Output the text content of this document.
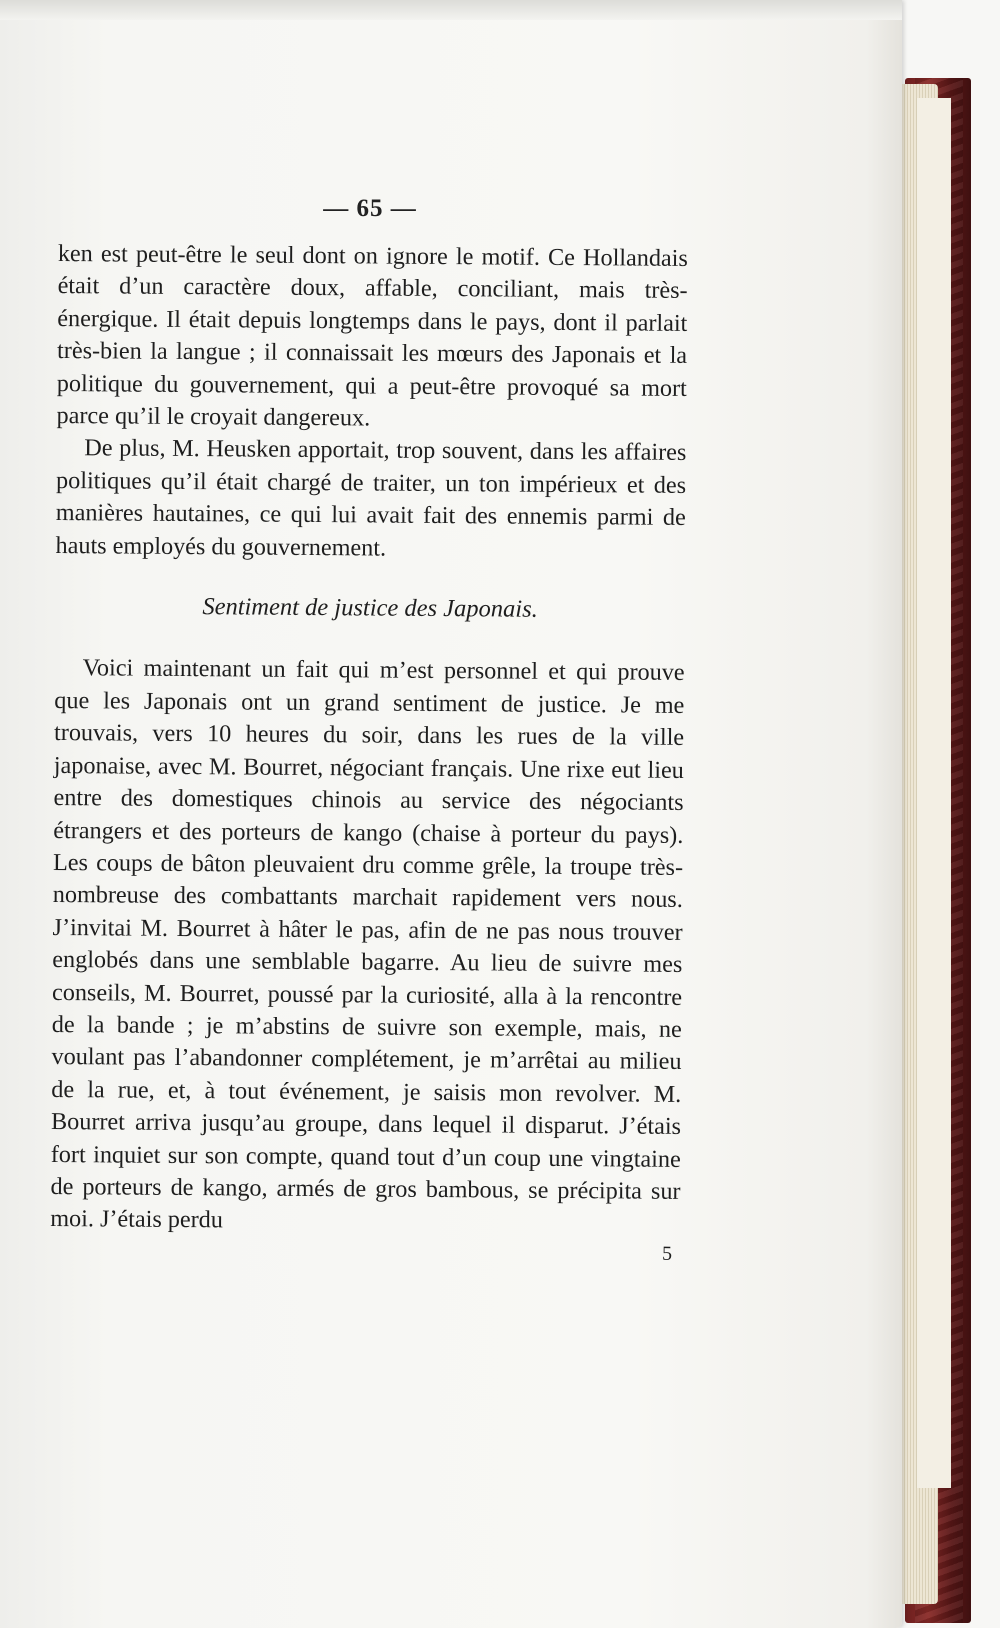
— 65 —

ken est peut-être le seul dont on ignore le motif. Ce Hollandais était d’un caractère doux, affable, conciliant, mais très-énergique. Il était depuis longtemps dans le pays, dont il parlait très-bien la langue ; il connaissait les mœurs des Japonais et la politique du gouvernement, qui a peut-être provoqué sa mort parce qu’il le croyait dangereux.

De plus, M. Heusken apportait, trop souvent, dans les affaires politiques qu’il était chargé de traiter, un ton impérieux et des manières hautaines, ce qui lui avait fait des ennemis parmi de hauts employés du gouvernement.

Sentiment de justice des Japonais.

Voici maintenant un fait qui m’est personnel et qui prouve que les Japonais ont un grand sentiment de justice. Je me trouvais, vers 10 heures du soir, dans les rues de la ville japonaise, avec M. Bourret, négociant français. Une rixe eut lieu entre des domestiques chinois au service des négociants étrangers et des porteurs de kango (chaise à porteur du pays). Les coups de bâton pleuvaient dru comme grêle, la troupe très-nombreuse des combattants marchait rapidement vers nous. J’invitai M. Bourret à hâter le pas, afin de ne pas nous trouver englobés dans une semblable bagarre. Au lieu de suivre mes conseils, M. Bourret, poussé par la curiosité, alla à la rencontre de la bande ; je m’abstins de suivre son exemple, mais, ne voulant pas l’abandonner complétement, je m’arrêtai au milieu de la rue, et, à tout événement, je saisis mon revolver. M. Bourret arriva jusqu’au groupe, dans lequel il disparut. J’étais fort inquiet sur son compte, quand tout d’un coup une vingtaine de porteurs de kango, armés de gros bambous, se précipita sur moi. J’étais perdu

5
